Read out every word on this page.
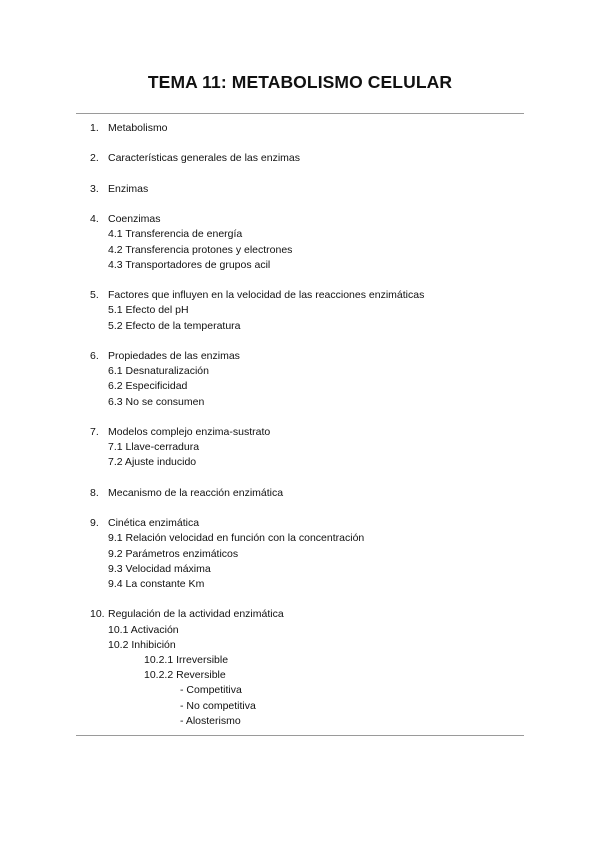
TEMA 11: METABOLISMO CELULAR
1. Metabolismo
2. Características generales de las enzimas
3. Enzimas
4. Coenzimas
4.1 Transferencia de energía
4.2 Transferencia protones y electrones
4.3 Transportadores de grupos acil
5. Factores que influyen en la velocidad de las reacciones enzimáticas
5.1 Efecto del pH
5.2 Efecto de la temperatura
6. Propiedades de las enzimas
6.1 Desnaturalización
6.2 Especificidad
6.3 No se consumen
7. Modelos complejo enzima-sustrato
7.1 Llave-cerradura
7.2 Ajuste inducido
8. Mecanismo de la reacción enzimática
9. Cinética enzimática
9.1 Relación velocidad en función con la concentración
9.2 Parámetros enzimáticos
9.3 Velocidad máxima
9.4 La constante Km
10. Regulación de la actividad enzimática
10.1 Activación
10.2 Inhibición
10.2.1 Irreversible
10.2.2 Reversible
- Competitiva
- No competitiva
- Alosterismo
